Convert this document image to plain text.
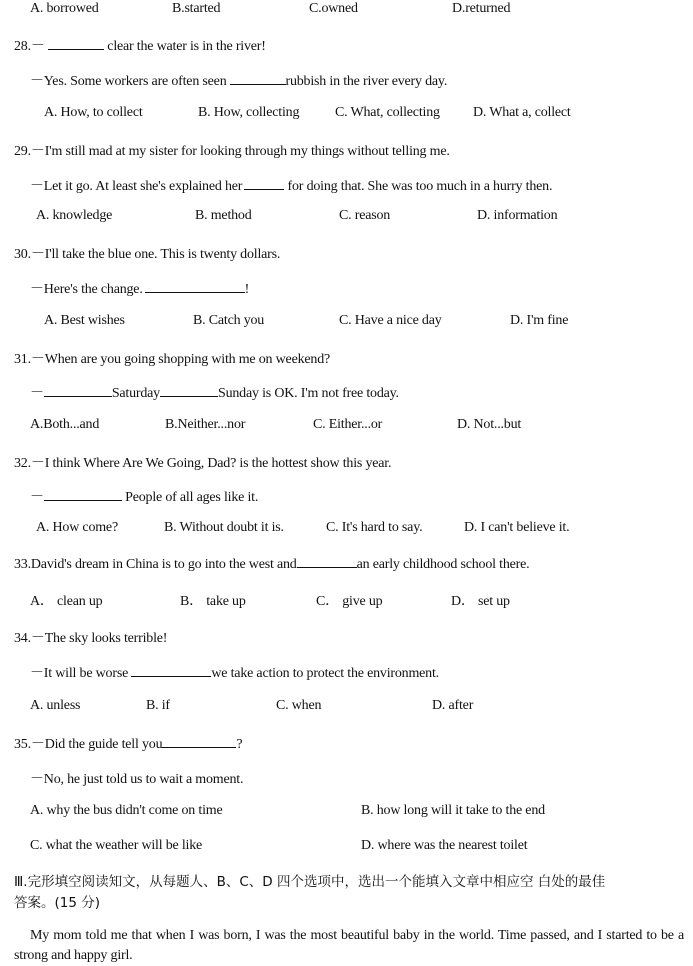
A. borrowed	B.started	C.owned	D.returned
28.－	clear the water is in the river!
－Yes. Some workers are often seen	rubbish in the river every day.
A. How, to collect	B. How, collecting	C. What, collecting D. What a, collect
29.－I'm still mad at my sister for looking through my things without telling me.
－Let it go. At least she's explained her	for doing that. She was too much in a hurry then.
A. knowledge	B. method	C. reason	D. information
30.－I'll take the blue one. This is twenty dollars.
－Here's the change.	!
A. Best wishes	B. Catch you	C. Have a nice day	D. I'm fine
31.－When are you going shopping with me on weekend?
－	Saturday	Sunday is OK. I'm not free today.
A.Both...and	B.Neither...nor	C. Either...or	D. Not...but
32.－I think Where Are We Going, Dad? is the hottest show this year.
－	People of all ages like it.
A. How come?	B. Without doubt it is.	C. It's hard to say.	D. I can't believe it.
33.David's dream in China is to go into the west and	an early childhood school there.
A． clean up	B． take up	C． give up	D． set up
34.－The sky looks terrible!
－It will be worse	we take action to protect the environment.
A. unless	B. if	C. when	D. after
35.－Did the guide tell you	?
－No, he just told us to wait a moment.
A. why the bus didn't come on time	B. how long will it take to the end
C. what the weather will be like	D. where was the nearest toilet
Ⅲ.完形填空阅读知文，从每题人、B、C、D 四个选项中，选出一个能填入文章中相应空 白处的最佳
答案。(15 分)
My mom told me that when I was born, I was the most beautiful baby in the world. Time passed, and I started to be a strong and happy girl.
